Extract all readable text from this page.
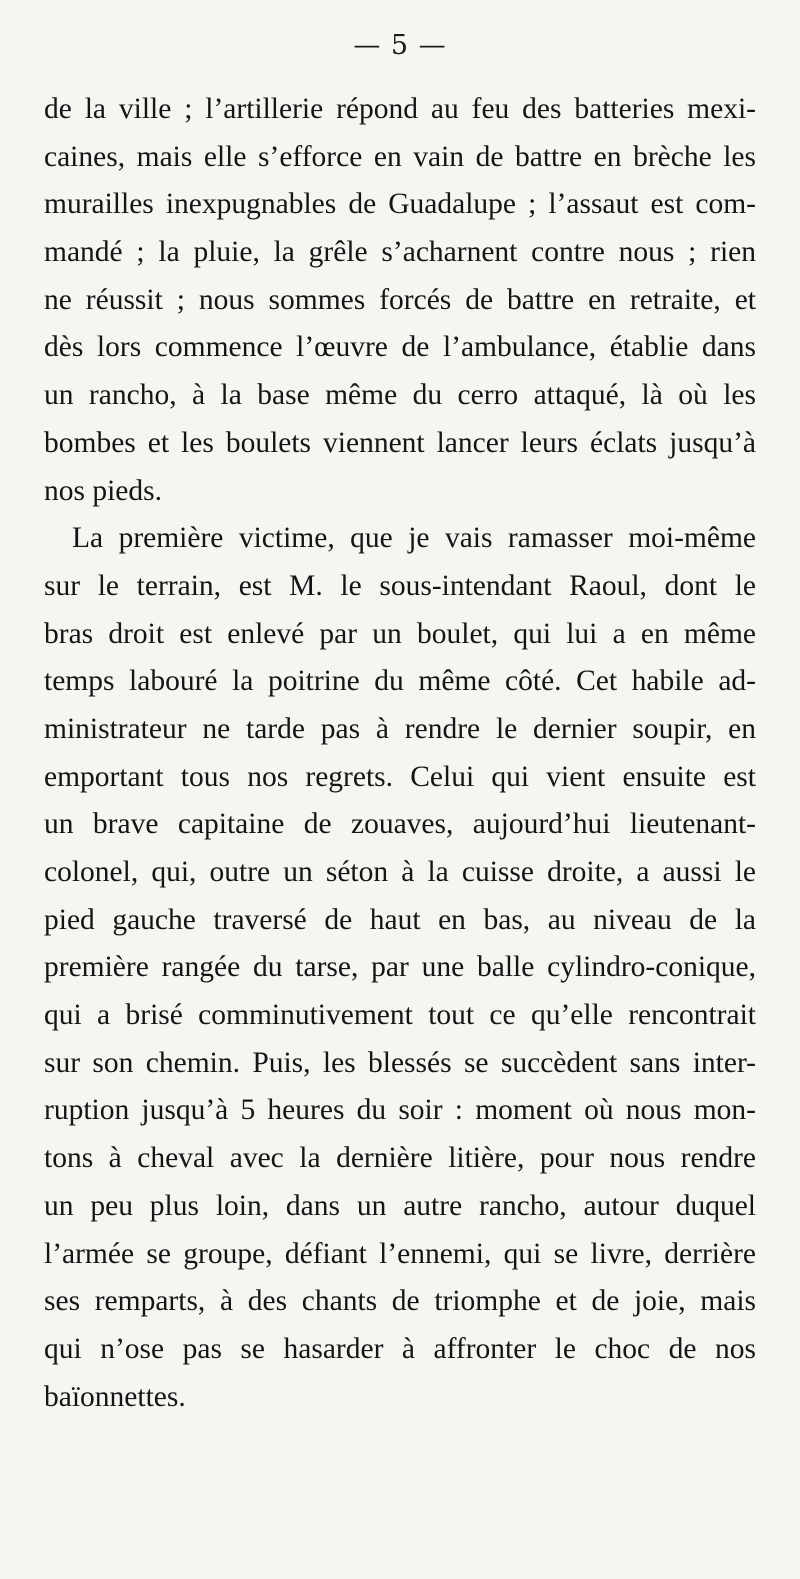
— 5 —
de la ville ; l’artillerie répond au feu des batteries mexi-
caines, mais elle s’efforce en vain de battre en brèche les
murailles inexpugnables de Guadalupe ; l’assaut est com-
mandé ; la pluie, la grêle s’acharnent contre nous ; rien
ne réussit ; nous sommes forcés de battre en retraite, et
dès lors commence l’œuvre de l’ambulance, établie dans
un rancho, à la base même du cerro attaqué, là où les
bombes et les boulets viennent lancer leurs éclats jusqu’à
nos pieds.
La première victime, que je vais ramasser moi-même
sur le terrain, est M. le sous-intendant Raoul, dont le
bras droit est enlevé par un boulet, qui lui a en même
temps labouré la poitrine du même côté. Cet habile ad-
ministrateur ne tarde pas à rendre le dernier soupir, en
emportant tous nos regrets. Celui qui vient ensuite est
un brave capitaine de zouaves, aujourd’hui lieutenant-
colonel, qui, outre un séton à la cuisse droite, a aussi le
pied gauche traversé de haut en bas, au niveau de la
première rangée du tarse, par une balle cylindro-conique,
qui a brisé comminutivement tout ce qu’elle rencontrait
sur son chemin. Puis, les blessés se succèdent sans inter-
ruption jusqu’à 5 heures du soir : moment où nous mon-
tons à cheval avec la dernière litière, pour nous rendre
un peu plus loin, dans un autre rancho, autour duquel
l’armée se groupe, défiant l’ennemi, qui se livre, derrière
ses remparts, à des chants de triomphe et de joie, mais
qui n’ose pas se hasarder à affronter le choc de nos
baïonnettes.
